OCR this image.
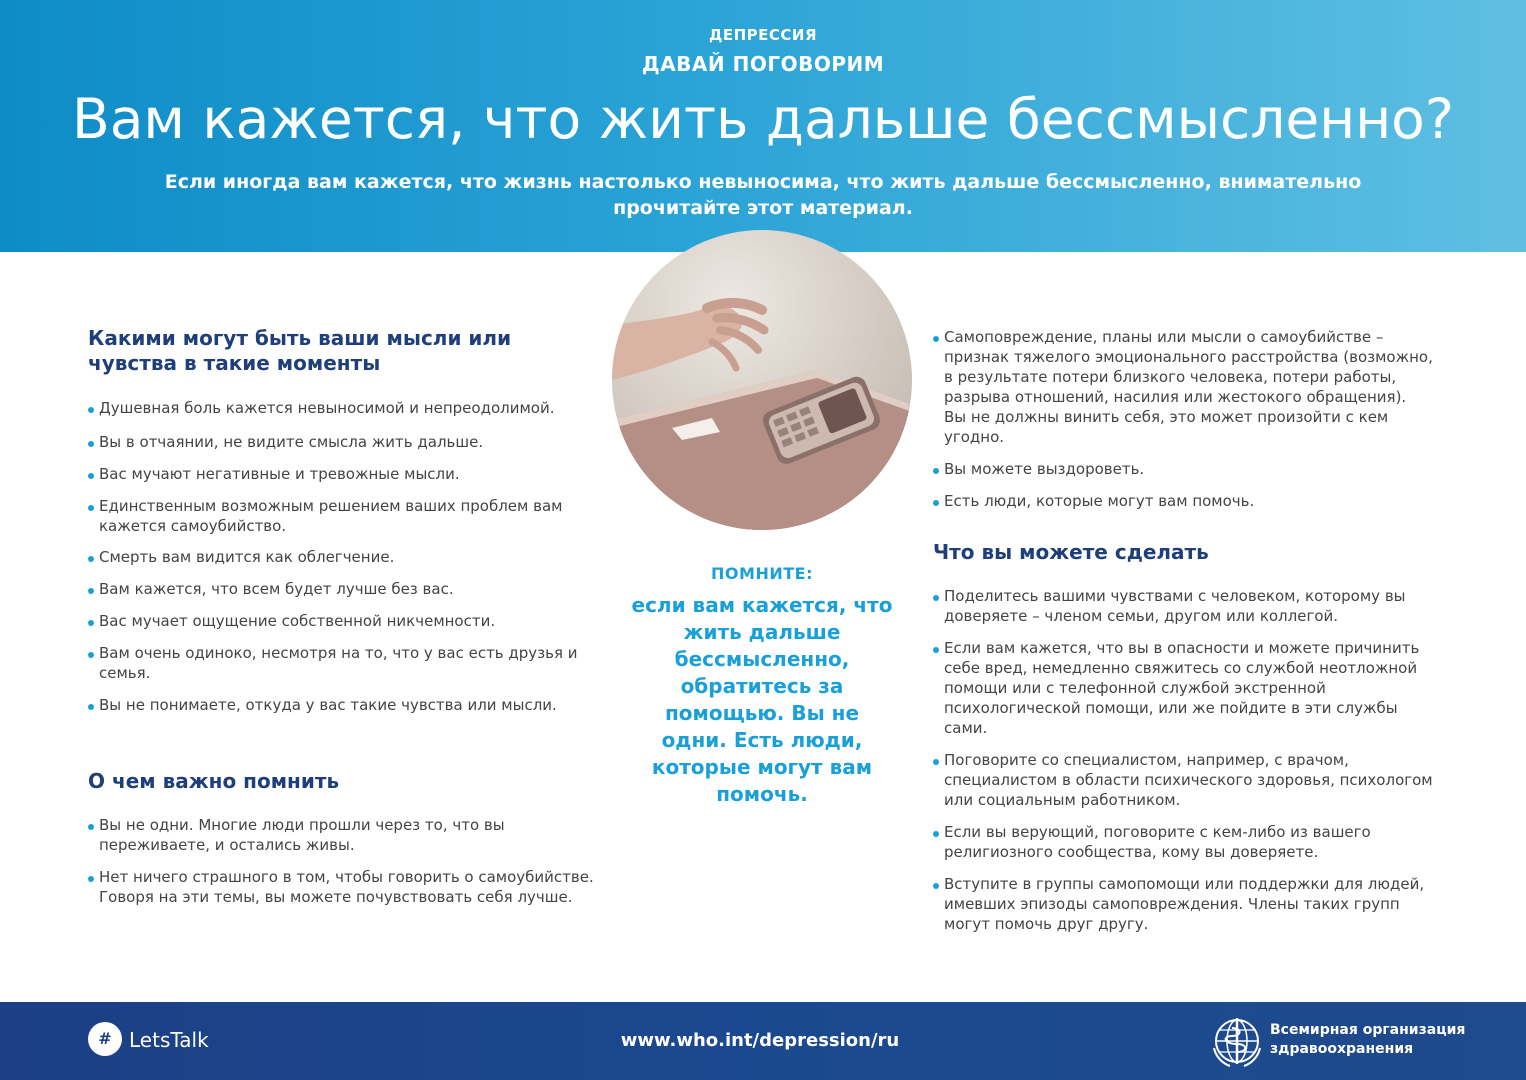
ДЕПРЕССИЯ
ДАВАЙ ПОГОВОРИМ
Вам кажется, что жить дальше бессмысленно?
Если иногда вам кажется, что жизнь настолько невыносима, что жить дальше бессмысленно, внимательно прочитайте этот материал.
Какими могут быть ваши мысли или чувства в такие моменты
Душевная боль кажется невыносимой и непреодолимой.
Вы в отчаянии, не видите смысла жить дальше.
Вас мучают негативные и тревожные мысли.
Единственным возможным решением ваших проблем вам кажется самоубийство.
Смерть вам видится как облегчение.
Вам кажется, что всем будет лучше без вас.
Вас мучает ощущение собственной никчемности.
Вам очень одиноко, несмотря на то, что у вас есть друзья и семья.
Вы не понимаете, откуда у вас такие чувства или мысли.
О чем важно помнить
Вы не одни. Многие люди прошли через то, что вы переживаете, и остались живы.
Нет ничего страшного в том, чтобы говорить о самоубийстве. Говоря на эти темы, вы можете почувствовать себя лучше.
ПОМНИТЕ:
если вам кажется, что жить дальше бессмысленно, обратитесь за помощью. Вы не одни. Есть люди, которые могут вам помочь.
Самоповреждение, планы или мысли о самоубийстве – признак тяжелого эмоционального расстройства (возможно, в результате потери близкого человека, потери работы, разрыва отношений, насилия или жестокого обращения). Вы не должны винить себя, это может произойти с кем угодно.
Вы можете выздороветь.
Есть люди, которые могут вам помочь.
Что вы можете сделать
Поделитесь вашими чувствами с человеком, которому вы доверяете – членом семьи, другом или коллегой.
Если вам кажется, что вы в опасности и можете причинить себе вред, немедленно свяжитесь со службой неотложной помощи или с телефонной службой экстренной психологической помощи, или же пойдите в эти службы сами.
Поговорите со специалистом, например, с врачом, специалистом в области психического здоровья, психологом или социальным работником.
Если вы верующий, поговорите с кем-либо из вашего религиозного сообщества, кому вы доверяете.
Вступите в группы самопомощи или поддержки для людей, имевших эпизоды самоповреждения. Члены таких групп могут помочь друг другу.
# LetsTalk	www.who.int/depression/ru	Всемирная организация
здравоохранения
